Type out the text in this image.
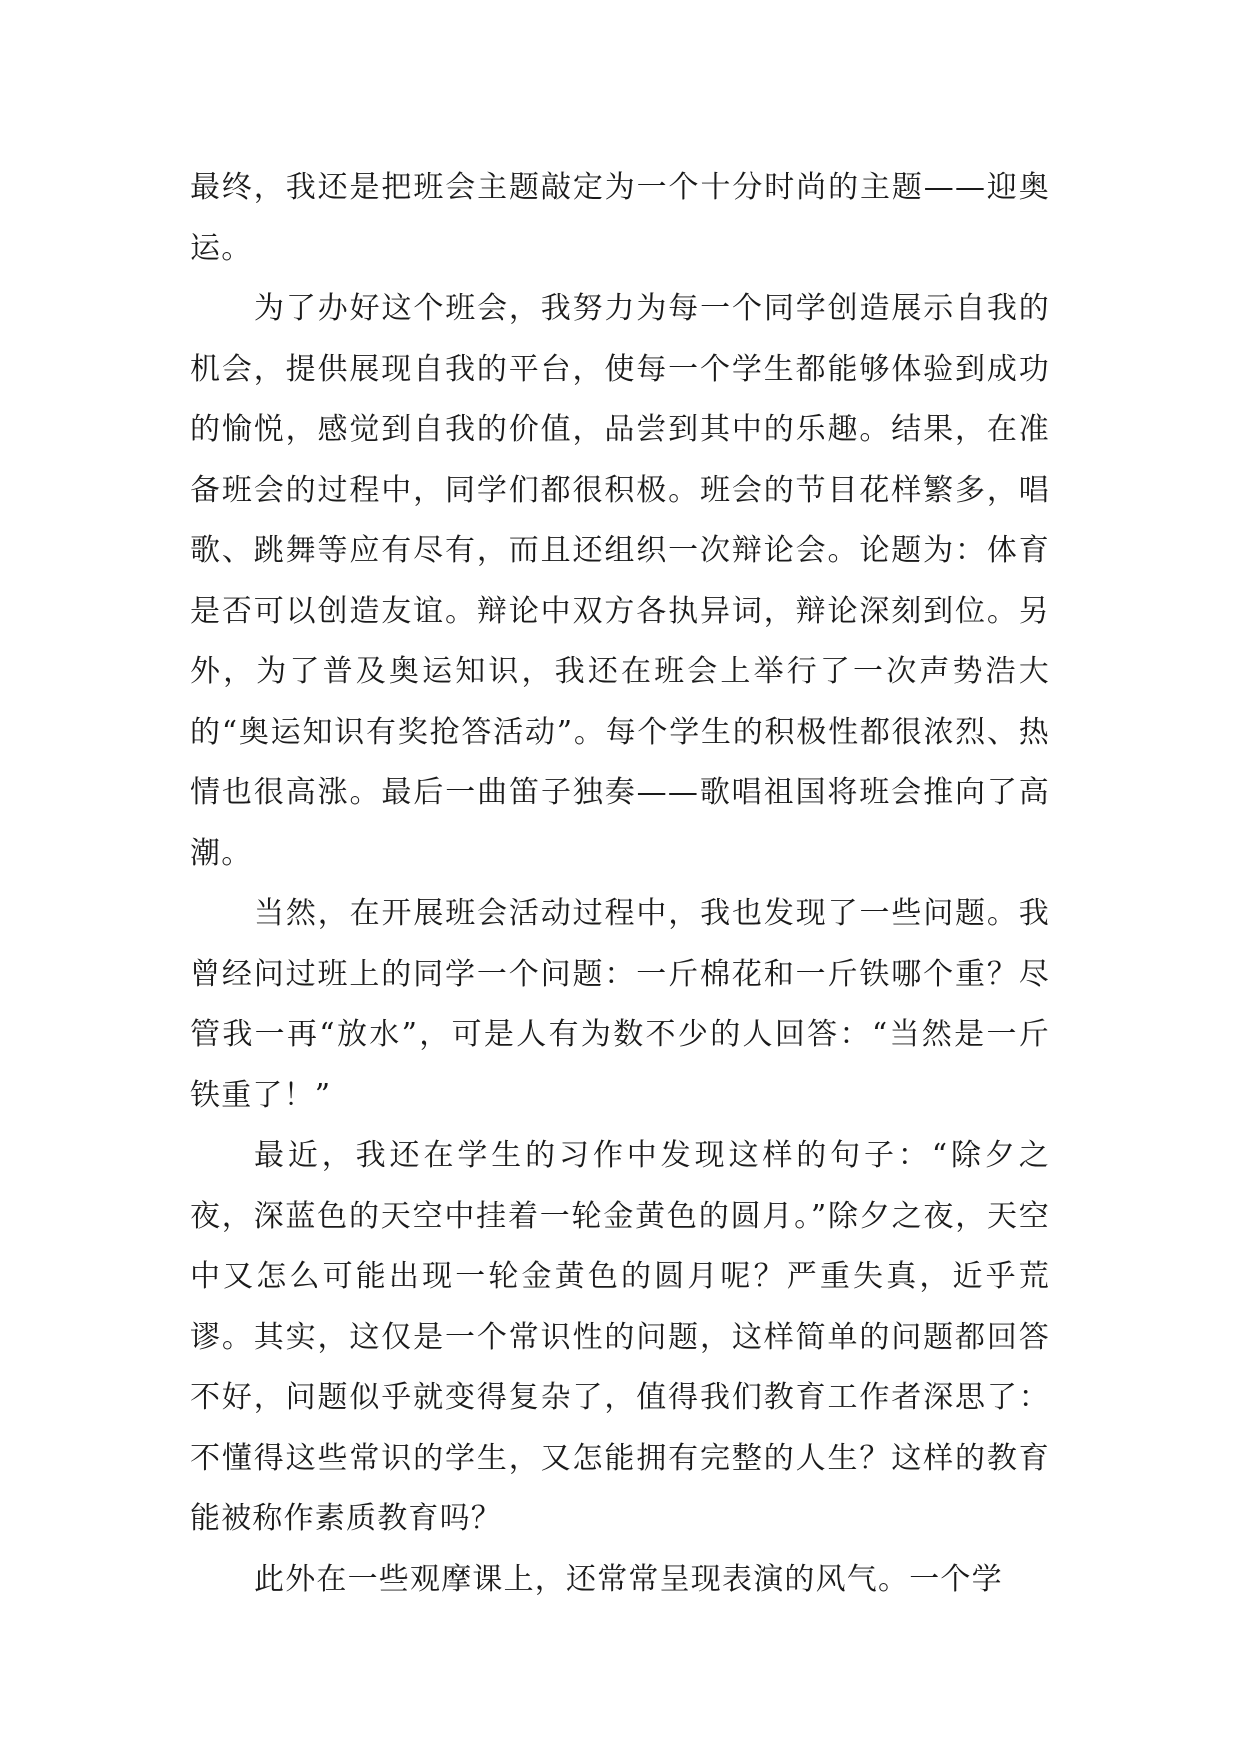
最终，我还是把班会主题敲定为一个十分时尚的主题——迎奥运。

为了办好这个班会，我努力为每一个同学创造展示自我的机会，提供展现自我的平台，使每一个学生都能够体验到成功的愉悦，感觉到自我的价值，品尝到其中的乐趣。结果，在准备班会的过程中，同学们都很积极。班会的节目花样繁多，唱歌、跳舞等应有尽有，而且还组织一次辩论会。论题为：体育是否可以创造友谊。辩论中双方各执异词，辩论深刻到位。另外，为了普及奥运知识，我还在班会上举行了一次声势浩大的“奥运知识有奖抢答活动”。每个学生的积极性都很浓烈、热情也很高涨。最后一曲笛子独奏——歌唱祖国将班会推向了高潮。

当然，在开展班会活动过程中，我也发现了一些问题。我曾经问过班上的同学一个问题：一斤棉花和一斤铁哪个重？尽管我一再“放水”，可是人有为数不少的人回答：“当然是一斤铁重了！”

最近，我还在学生的习作中发现这样的句子：“除夕之夜，深蓝色的天空中挂着一轮金黄色的圆月。”除夕之夜，天空中又怎么可能出现一轮金黄色的圆月呢？严重失真，近乎荒谬。其实，这仅是一个常识性的问题，这样简单的问题都回答不好，问题似乎就变得复杂了，值得我们教育工作者深思了：不懂得这些常识的学生，又怎能拥有完整的人生？这样的教育能被称作素质教育吗？

此外在一些观摩课上，还常常呈现表演的风气。一个学
